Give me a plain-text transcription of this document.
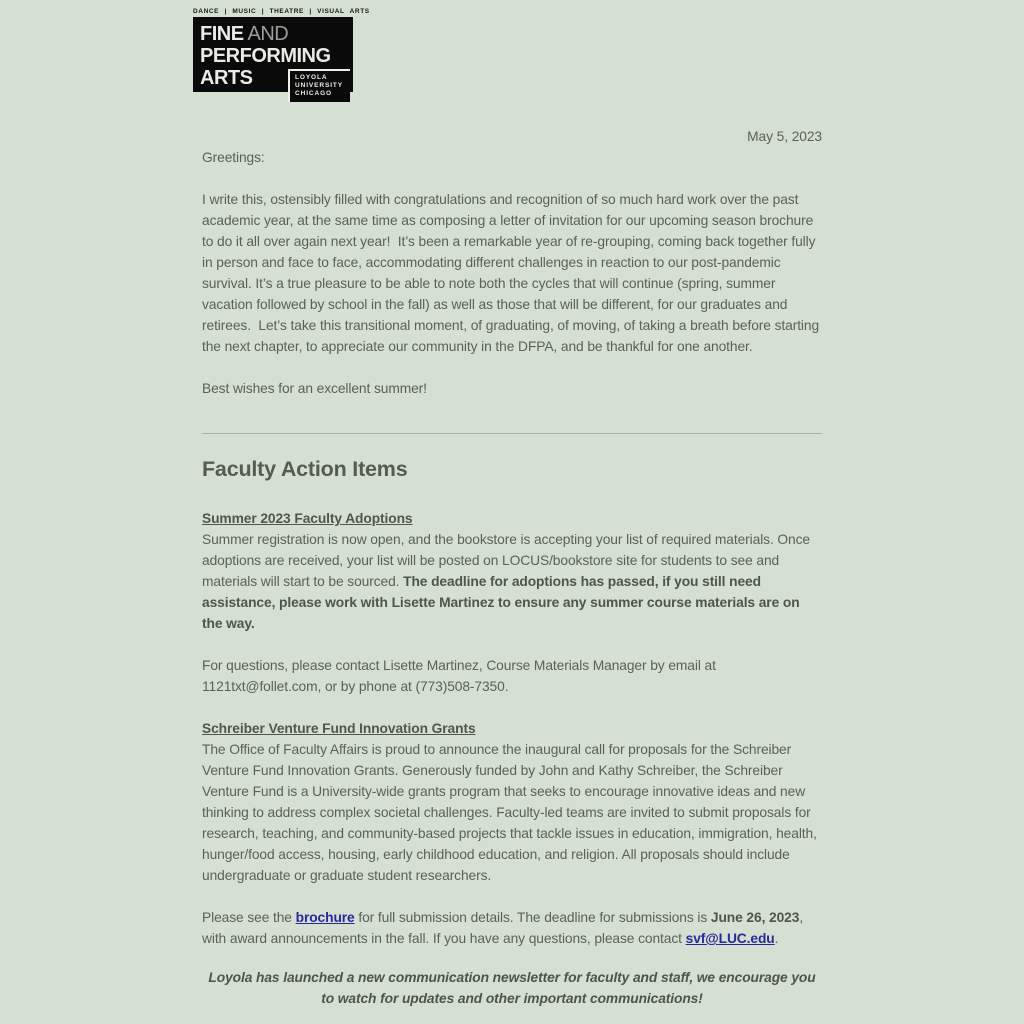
DANCE | MUSIC | THEATRE | VISUAL ARTS
FINE AND
PERFORMING
ARTS	LOYOLA
UNIVERSITY
CHICAGO

May 5, 2023

Greetings:

I write this, ostensibly filled with congratulations and recognition of so much hard work over the past academic year, at the same time as composing a letter of invitation for our upcoming season brochure to do it all over again next year!  It’s been a remarkable year of re-grouping, coming back together fully in person and face to face, accommodating different challenges in reaction to our post-pandemic survival. It’s a true pleasure to be able to note both the cycles that will continue (spring, summer vacation followed by school in the fall) as well as those that will be different, for our graduates and retirees.  Let’s take this transitional moment, of graduating, of moving, of taking a breath before starting the next chapter, to appreciate our community in the DFPA, and be thankful for one another.

Best wishes for an excellent summer!

Faculty Action Items
Summer 2023 Faculty Adoptions

Summer registration is now open, and the bookstore is accepting your list of required materials. Once adoptions are received, your list will be posted on LOCUS/bookstore site for students to see and materials will start to be sourced. The deadline for adoptions has passed, if you still need assistance, please work with Lisette Martinez to ensure any summer course materials are on the way.

For questions, please contact Lisette Martinez, Course Materials Manager by email at 1121txt@follet.com, or by phone at (773)508-7350.

Schreiber Venture Fund Innovation Grants

The Office of Faculty Affairs is proud to announce the inaugural call for proposals for the Schreiber Venture Fund Innovation Grants. Generously funded by John and Kathy Schreiber, the Schreiber Venture Fund is a University-wide grants program that seeks to encourage innovative ideas and new thinking to address complex societal challenges. Faculty-led teams are invited to submit proposals for research, teaching, and community-based projects that tackle issues in education, immigration, health, hunger/food access, housing, early childhood education, and religion. All proposals should include undergraduate or graduate student researchers.

Please see the brochure for full submission details. The deadline for submissions is June 26, 2023, with award announcements in the fall. If you have any questions, please contact svf@LUC.edu.

Loyola has launched a new communication newsletter for faculty and staff, we encourage you to watch for updates and other important communications!
